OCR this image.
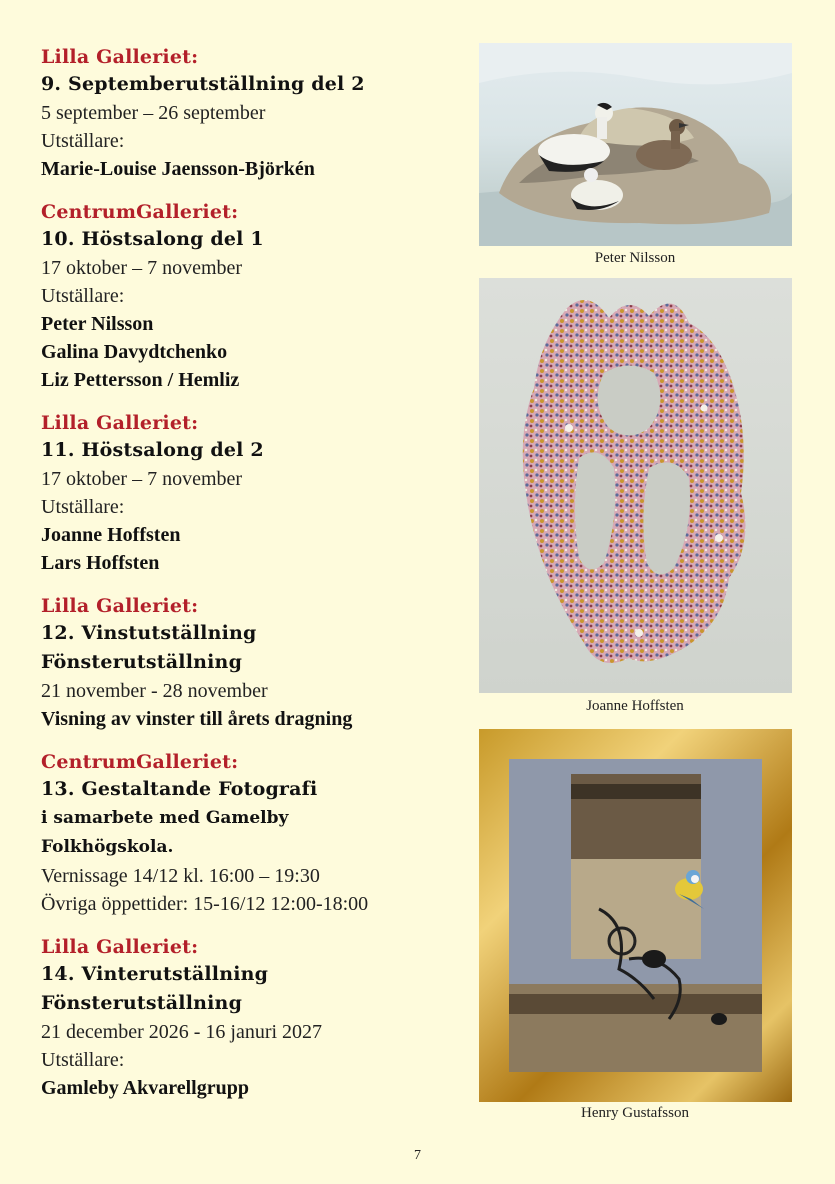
Lilla Galleriet:
9. Septemberutställning del 2
5 september – 26 september
Utställare:
Marie-Louise Jaensson-Björkén
CentrumGalleriet:
10. Höstsalong del 1
17 oktober – 7 november
Utställare:
Peter Nilsson
Galina Davydtchenko
Liz Pettersson / Hemliz
Lilla Galleriet:
11. Höstsalong del 2
17 oktober – 7 november
Utställare:
Joanne Hoffsten
Lars Hoffsten
Lilla Galleriet:
12. Vinstutställning
Fönsterutställning
21 november - 28 november
Visning av vinster till årets dragning
CentrumGalleriet:
13. Gestaltande Fotografi
i samarbete med Gamelby
Folkhögskola.
Vernissage 14/12 kl. 16:00 – 19:30
Övriga öppettider: 15-16/12 12:00-18:00
Lilla Galleriet:
14. Vinterutställning
Fönsterutställning
21 december 2026 - 16 januri 2027
Utställare:
Gamleby Akvarellgrupp
Peter Nilsson
Joanne Hoffsten
Henry Gustafsson
7
